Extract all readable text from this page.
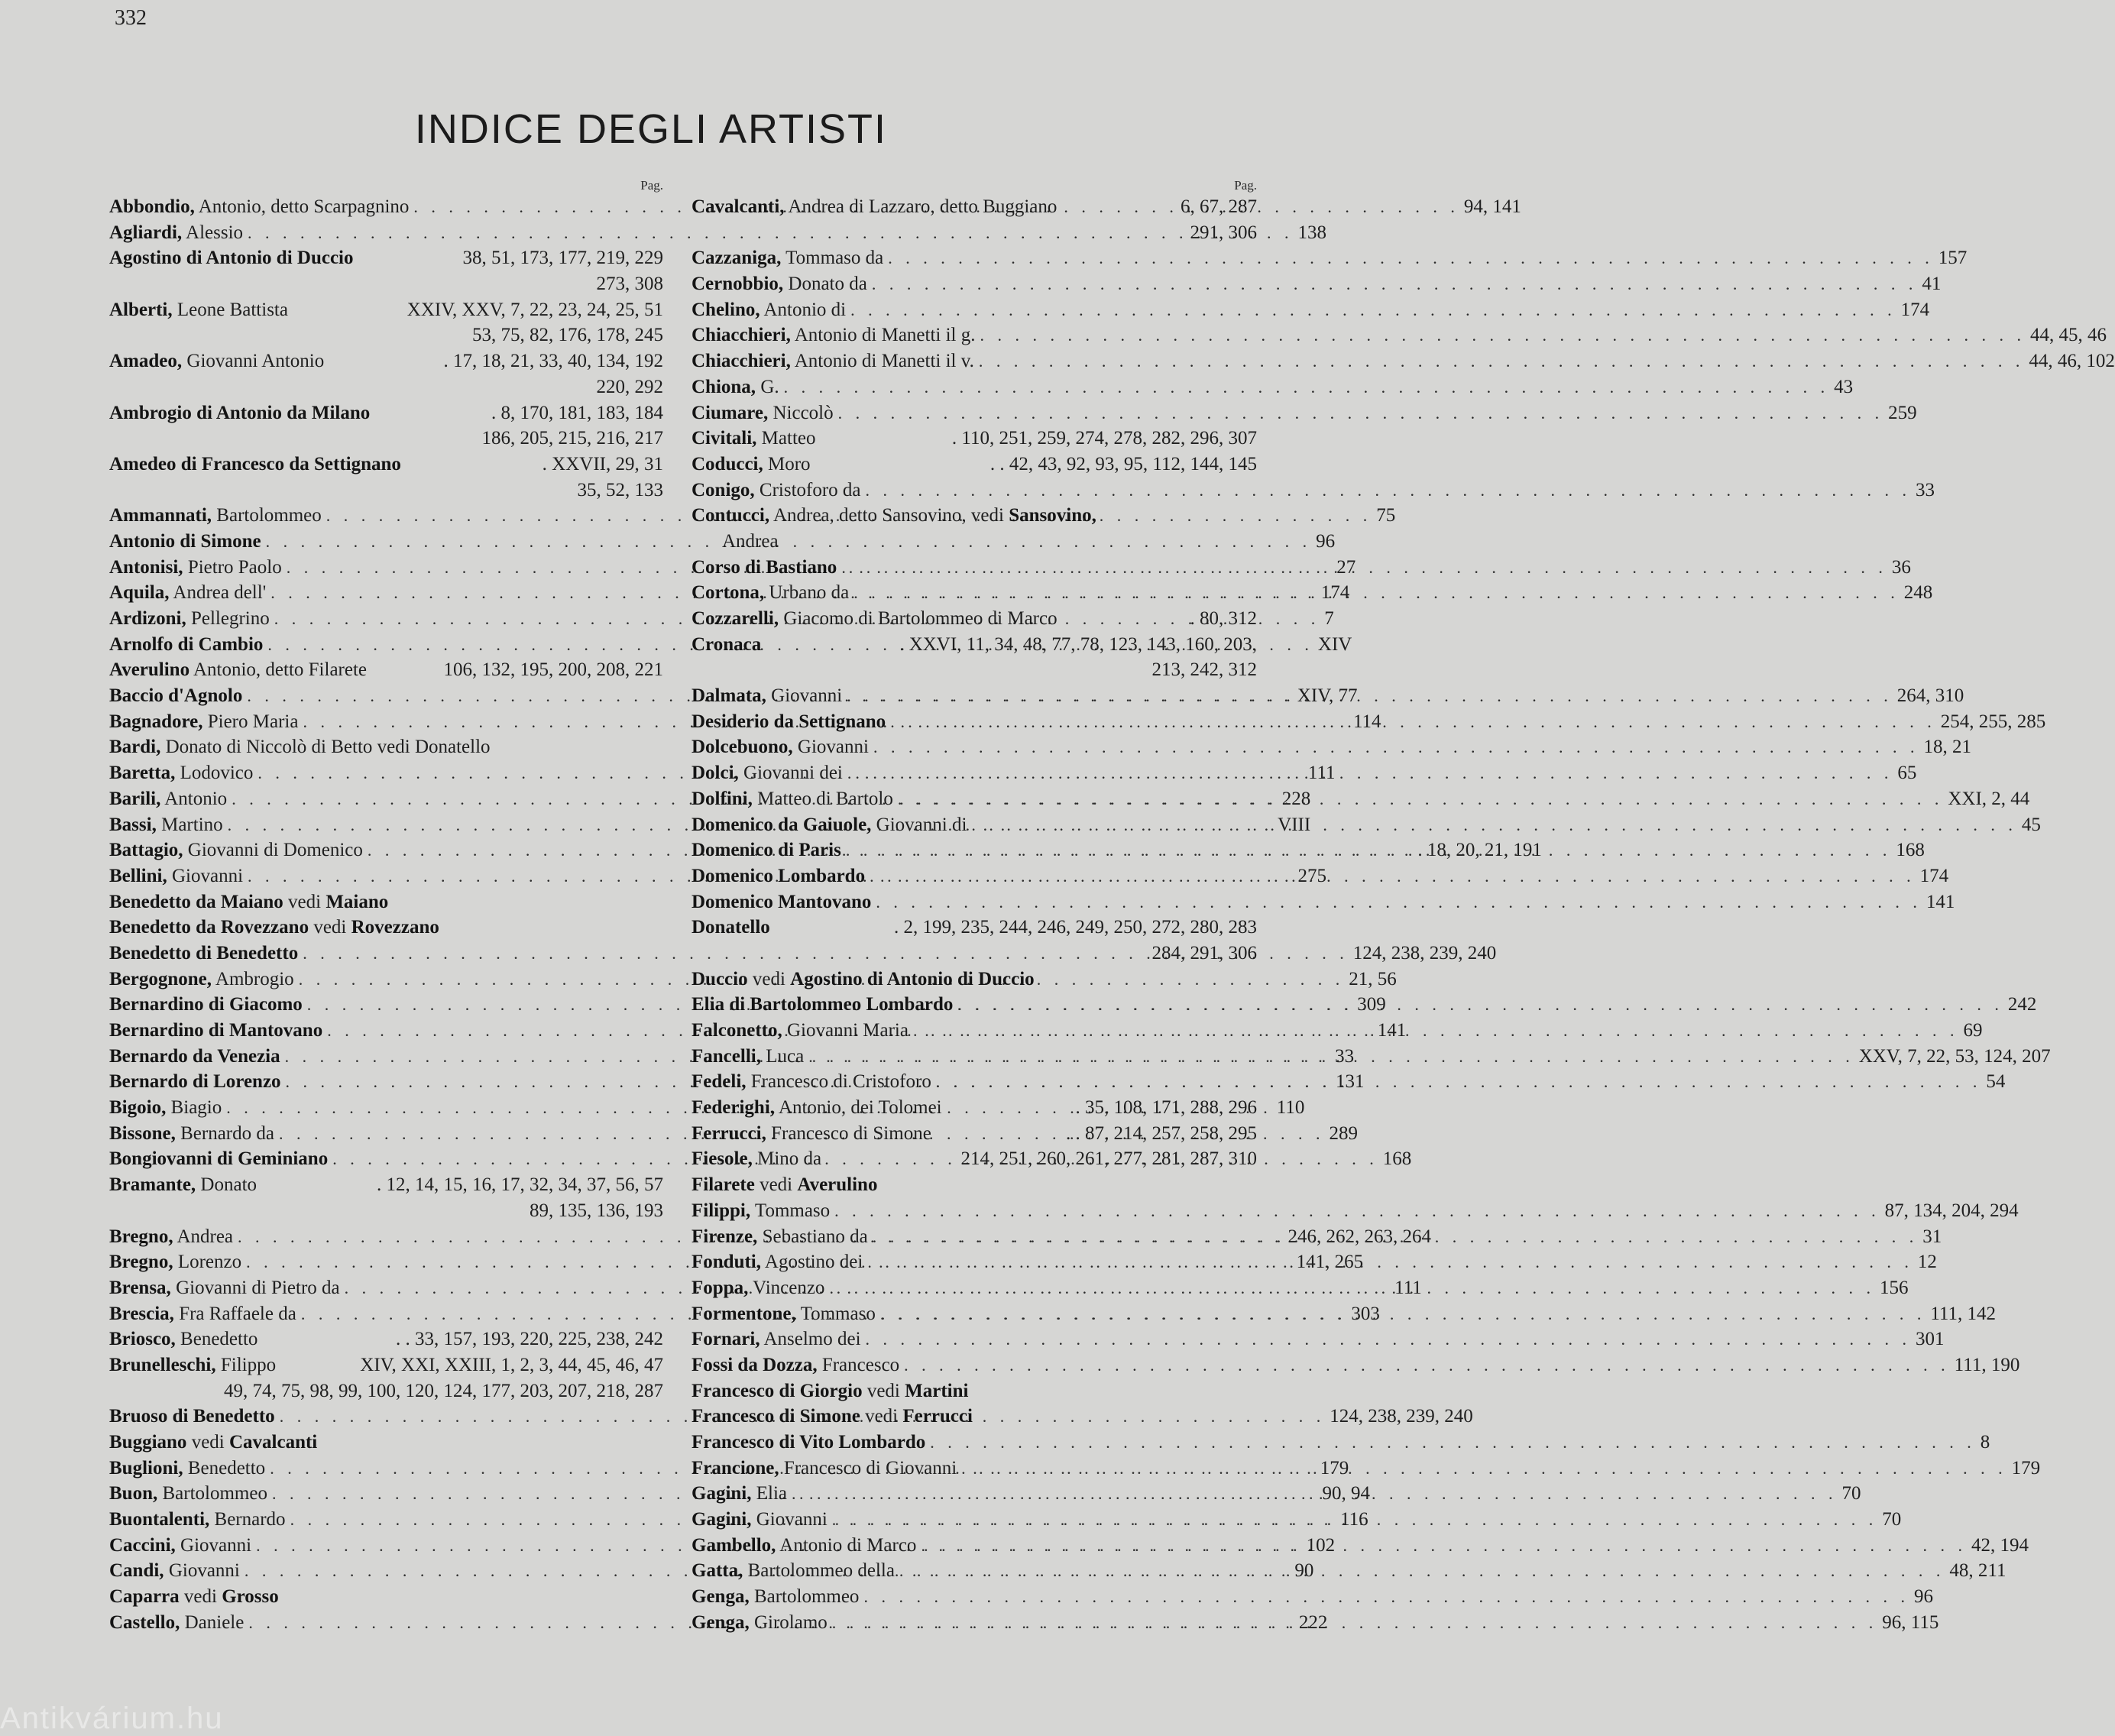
332
INDICE DEGLI ARTISTI
Pag.
Abbondio, Antonio, detto Scarpagnino . . .	94, 141
Agliardi, Alessio . . .	138
Agostino di Antonio di Duccio	38, 51, 173, 177, 219, 229
273, 308
Alberti, Leone Battista	XXIV, XXV, 7, 22, 23, 24, 25, 51
53, 75, 82, 176, 178, 245
Amadeo, Giovanni Antonio	. 17, 18, 21, 33, 40, 134, 192
220, 292
Ambrogio di Antonio da Milano	. 8, 170, 181, 183, 184
186, 205, 215, 216, 217
Amedeo di Francesco da Settignano	. XXVII, 29, 31
35, 52, 133
Ammannati, Bartolommeo . . .	75
Antonio di Simone . . .	96
Antonisi, Pietro Paolo . . .	27
Aquila, Andrea dell' . . .	174
Ardizoni, Pellegrino . . .	7
Arnolfo di Cambio . . .	XIV
Averulino Antonio, detto Filarete	106, 132, 195, 200, 208, 221
Baccio d'Agnolo . . .	XIV, 77
Bagnadore, Piero Maria . . .	114
Bardi, Donato di Niccolò di Betto vedi Donatello
Baretta, Lodovico . . .	111
Barili, Antonio . . .	228
Bassi, Martino . . .	VIII
Battagio, Giovanni di Domenico . . .	. 18, 20, 21, 191
Bellini, Giovanni . . .	275
Benedetto da Maiano vedi Maiano
Benedetto da Rovezzano vedi Rovezzano
Benedetto di Benedetto . . .	124, 238, 239, 240
Bergognone, Ambrogio . . .	21, 56
Bernardino di Giacomo . . .	309
Bernardino di Mantovano . . .	141
Bernardo da Venezia . . .	33
Bernardo di Lorenzo . . .	131
Bigoio, Biagio . . .	110
Bissone, Bernardo da . . .	289
Bongiovanni di Geminiano . . .	168
Bramante, Donato	. 12, 14, 15, 16, 17, 32, 34, 37, 56, 57
89, 135, 136, 193
Bregno, Andrea . . .	246, 262, 263, 264
Bregno, Lorenzo . . .	141, 265
Brensa, Giovanni di Pietro da . . .	111
Brescia, Fra Raffaele da . . .	303
Briosco, Benedetto	. . 33, 157, 193, 220, 225, 238, 242
Brunelleschi, Filippo	XIV, XXI, XXIII, 1, 2, 3, 44, 45, 46, 47
49, 74, 75, 98, 99, 100, 120, 124, 177, 203, 207, 218, 287
Bruoso di Benedetto . . .	124, 238, 239, 240
Buggiano vedi Cavalcanti
Buglioni, Benedetto . . .	179
Buon, Bartolommeo . . .	90, 94
Buontalenti, Bernardo . . .	116
Caccini, Giovanni . . .	102
Candi, Giovanni . . .	90
Caparra vedi Grosso
Castello, Daniele . . .	222
Pag.
Cavalcanti, Andrea di Lazzaro, detto Buggiano	6, 67, 287
291, 306
Cazzaniga, Tommaso da . . .	157
Cernobbio, Donato da . . .	41
Chelino, Antonio di . . .	174
Chiacchieri, Antonio di Manetti il g. . . .	44, 45, 46
Chiacchieri, Antonio di Manetti il v. . . .	44, 46, 102
Chiona, G. . . .	43
Ciumare, Niccolò . . .	259
Civitali, Matteo	. 110, 251, 259, 274, 278, 282, 296, 307
Coducci, Moro	. . 42, 43, 92, 93, 95, 112, 144, 145
Conigo, Cristoforo da . . .	33
Contucci, Andrea, detto Sansovino, vedi Sansovino,
Andrea
Corso di Bastiano . . .	36
Cortona, Urbano da . . .	248
Cozzarelli, Giacomo di Bartolommeo di Marco	. 80, 312
Cronaca	. XXVI, 11, 34, 48, 77, 78, 123, 143, 160, 203,
213, 242, 312
Dalmata, Giovanni . . .	264, 310
Desiderio da Settignano . . .	254, 255, 285
Dolcebuono, Giovanni . . .	18, 21
Dolci, Giovanni dei . . .	65
Dolfini, Matteo di Bartolo . . .	XXI, 2, 44
Domenico da Gaiuole, Giovanni di . . .	45
Domenico di Paris . . .	168
Domenico Lombardo . . .	174
Domenico Mantovano . . .	141
Donatello	. 2, 199, 235, 244, 246, 249, 250, 272, 280, 283
284, 291, 306
Duccio vedi Agostino di Antonio di Duccio
Elia di Bartolommeo Lombardo . . .	242
Falconetto, Giovanni Maria . . .	69
Fancelli, Luca . . .	XXV, 7, 22, 53, 124, 207
Fedeli, Francesco di Cristoforo . . .	54
Federighi, Antonio, dei Tolomei	. 35, 108, 171, 288, 296
Ferrucci, Francesco di Simone	. . 87, 214, 257, 258, 295
Fiesole, Mino da	214, 251, 260, 261, 277, 281, 287, 310
Filarete vedi Averulino
Filippi, Tommaso . . .	87, 134, 204, 294
Firenze, Sebastiano da . . .	31
Fonduti, Agostino dei . . .	12
Foppa, Vincenzo . . .	156
Formentone, Tommaso . . .	111, 142
Fornari, Anselmo dei . . .	301
Fossi da Dozza, Francesco . . .	111, 190
Francesco di Giorgio vedi Martini
Francesco di Simone vedi Ferrucci
Francesco di Vito Lombardo . . .	8
Francione, Francesco di Giovanni . . .	179
Gagini, Elia . . .	70
Gagini, Giovanni . . .	70
Gambello, Antonio di Marco . . .	42, 194
Gatta, Bartolommeo della . . .	48, 211
Genga, Bartolommeo . . .	96
Genga, Girolamo . . .	96, 115
Antikvárium.hu
